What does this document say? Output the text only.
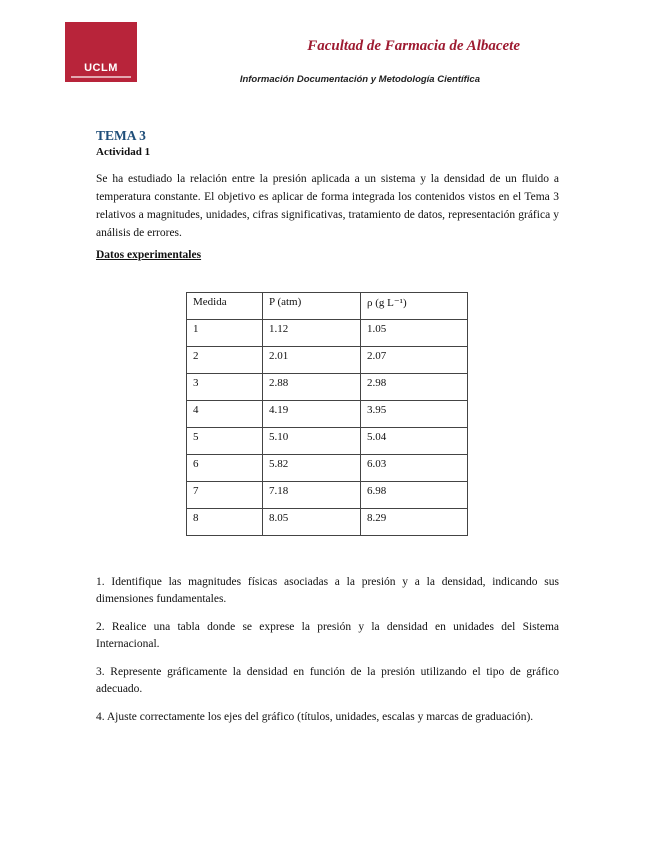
UCLM
Facultad de Farmacia de Albacete
Información Documentación y Metodología Científica
TEMA 3
Actividad 1
Se ha estudiado la relación entre la presión aplicada a un sistema y la densidad de un fluido a temperatura constante. El objetivo es aplicar de forma integrada los contenidos vistos en el Tema 3 relativos a magnitudes, unidades, cifras significativas, tratamiento de datos, representación gráfica y análisis de errores.
Datos experimentales
Medida	P (atm)	ρ (g L⁻¹)
1	1.12	1.05
2	2.01	2.07
3	2.88	2.98
4	4.19	3.95
5	5.10	5.04
6	5.82	6.03
7	7.18	6.98
8	8.05	8.29
1. Identifique las magnitudes físicas asociadas a la presión y a la densidad, indicando sus dimensiones fundamentales.
2. Realice una tabla donde se exprese la presión y la densidad en unidades del Sistema Internacional.
3. Represente gráficamente la densidad en función de la presión utilizando el tipo de gráfico adecuado.
4. Ajuste correctamente los ejes del gráfico (títulos, unidades, escalas y marcas de graduación).
